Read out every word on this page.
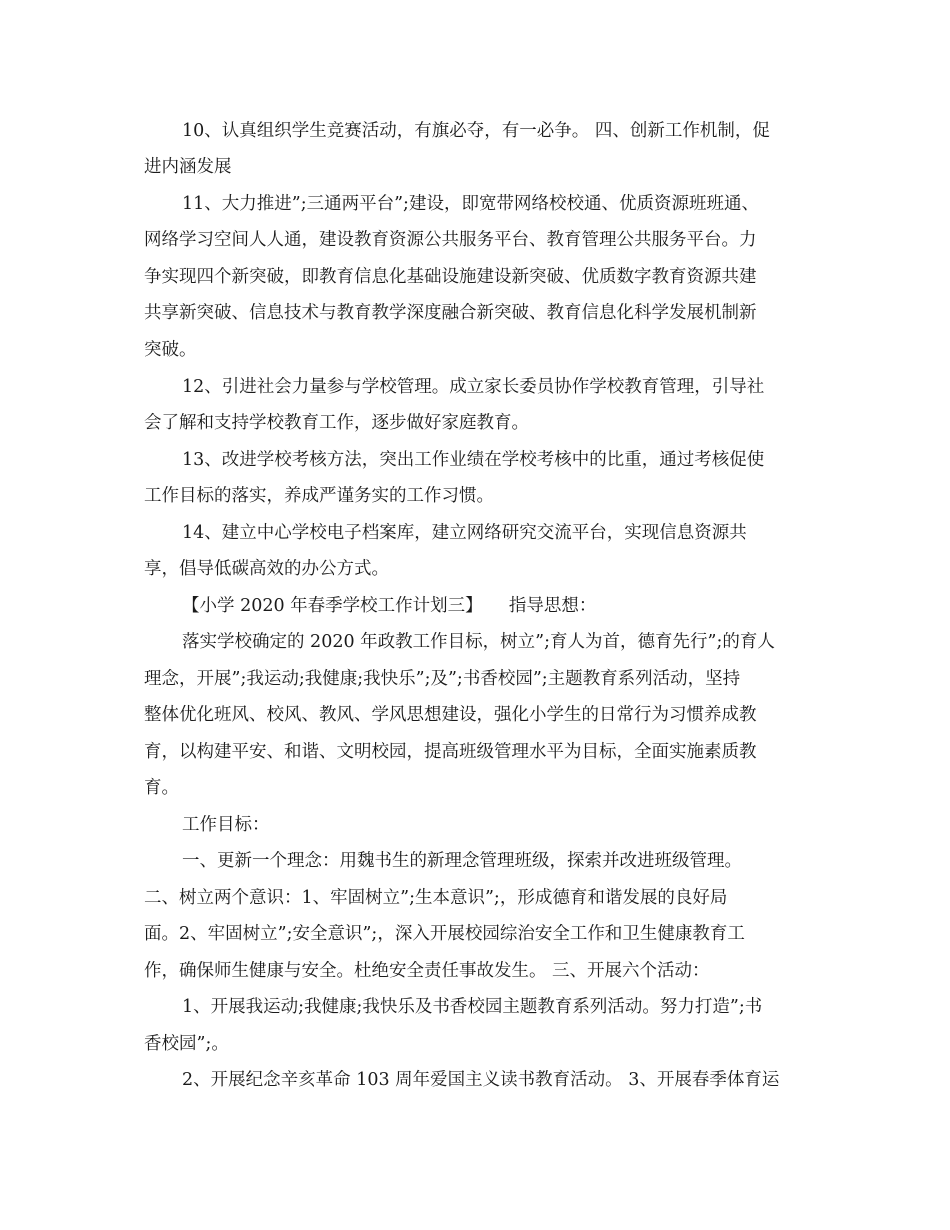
10、认真组织学生竞赛活动，有旗必夺，有一必争。 四、创新工作机制，促
进内涵发展
11、大力推进”;三通两平台”;建设，即宽带网络校校通、优质资源班班通、
网络学习空间人人通，建设教育资源公共服务平台、教育管理公共服务平台。力
争实现四个新突破，即教育信息化基础设施建设新突破、优质数字教育资源共建
共享新突破、信息技术与教育教学深度融合新突破、教育信息化科学发展机制新
突破。
12、引进社会力量参与学校管理。成立家长委员协作学校教育管理，引导社
会了解和支持学校教育工作，逐步做好家庭教育。
13、改进学校考核方法，突出工作业绩在学校考核中的比重，通过考核促使
工作目标的落实，养成严谨务实的工作习惯。
14、建立中心学校电子档案库，建立网络研究交流平台，实现信息资源共
享，倡导低碳高效的办公方式。
【小学 2020 年春季学校工作计划三】　　指导思想：
落实学校确定的 2020 年政教工作目标，树立”;育人为首，德育先行”;的育人
理念，开展”;我运动;我健康;我快乐”;及”;书香校园”;主题教育系列活动，坚持
整体优化班风、校风、教风、学风思想建设，强化小学生的日常行为习惯养成教
育，以构建平安、和谐、文明校园，提高班级管理水平为目标，全面实施素质教
育。
工作目标：
一、更新一个理念：用魏书生的新理念管理班级，探索并改进班级管理。
二、树立两个意识：1、牢固树立”;生本意识”;，形成德育和谐发展的良好局
面。2、牢固树立”;安全意识”;，深入开展校园综治安全工作和卫生健康教育工
作，确保师生健康与安全。杜绝安全责任事故发生。 三、开展六个活动：
1、开展我运动;我健康;我快乐及书香校园主题教育系列活动。努力打造”;书
香校园”;。
2、开展纪念辛亥革命 103 周年爱国主义读书教育活动。 3、开展春季体育运
